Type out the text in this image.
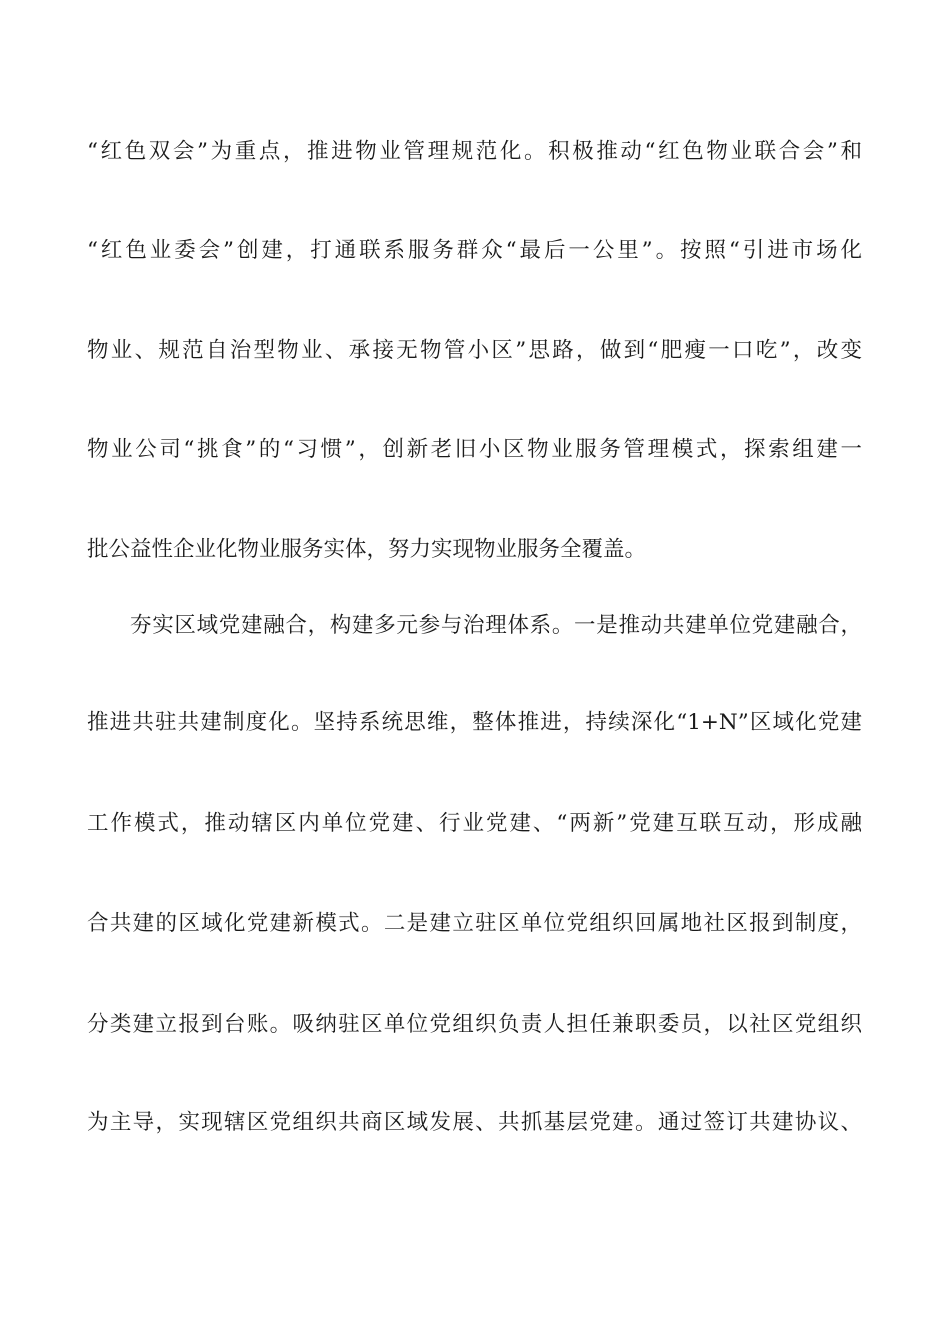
“红色双会”为重点，推进物业管理规范化。积极推动“红色物业联合会”和
“红色业委会”创建，打通联系服务群众“最后一公里”。按照“引进市场化
物业、规范自治型物业、承接无物管小区”思路，做到“肥瘦一口吃”，改变
物业公司“挑食”的“习惯”，创新老旧小区物业服务管理模式，探索组建一
批公益性企业化物业服务实体，努力实现物业服务全覆盖。
夯实区域党建融合，构建多元参与治理体系。一是推动共建单位党建融合，
推进共驻共建制度化。坚持系统思维，整体推进，持续深化“1+N”区域化党建
工作模式，推动辖区内单位党建、行业党建、“两新”党建互联互动，形成融
合共建的区域化党建新模式。二是建立驻区单位党组织回属地社区报到制度，
分类建立报到台账。吸纳驻区单位党组织负责人担任兼职委员，以社区党组织
为主导，实现辖区党组织共商区域发展、共抓基层党建。通过签订共建协议、
